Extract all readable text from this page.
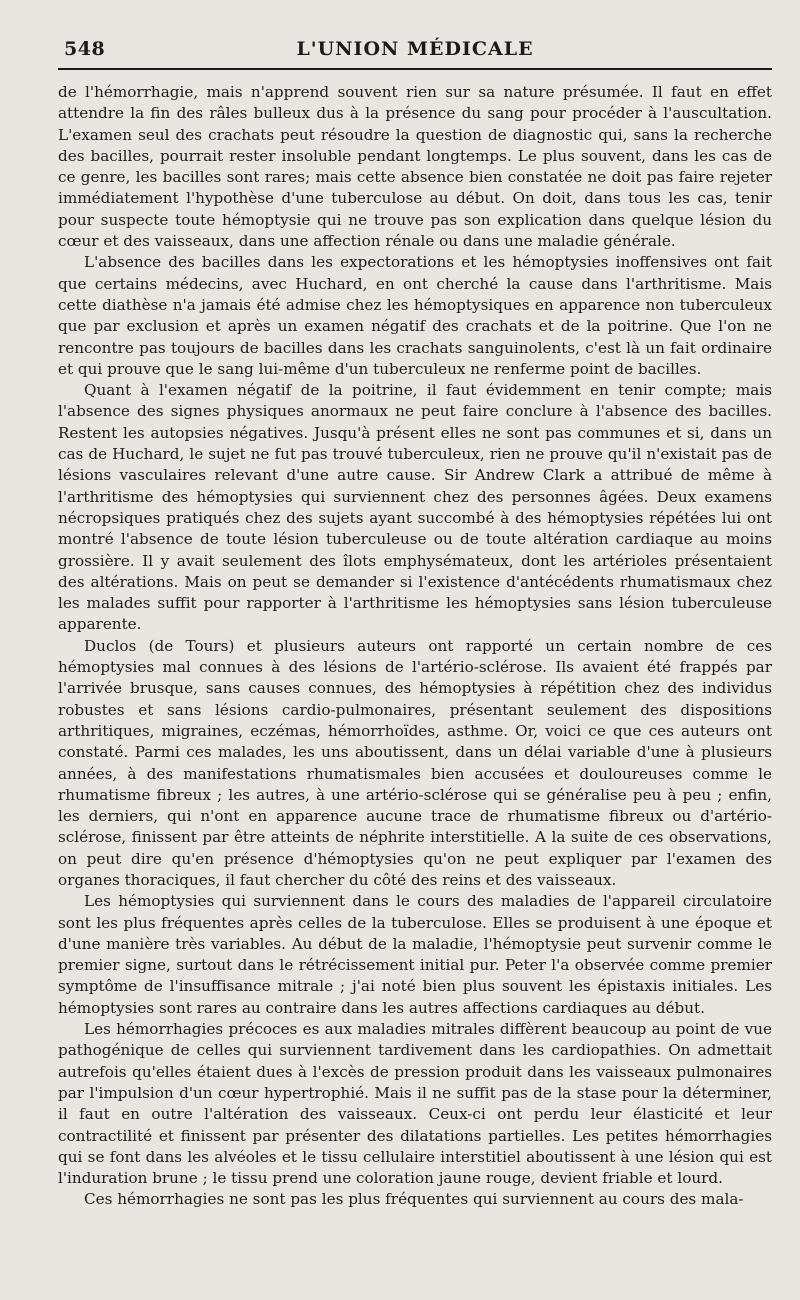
548	L'UNION MÉDICALE

de l'hémorrhagie, mais n'apprend souvent rien sur sa nature présumée. Il faut en effet attendre la fin des râles bulleux dus à la présence du sang pour procéder à l'auscultation. L'examen seul des crachats peut résoudre la question de diagnostic qui, sans la recherche des bacilles, pourrait rester insoluble pendant longtemps. Le plus souvent, dans les cas de ce genre, les bacilles sont rares; mais cette absence bien constatée ne doit pas faire rejeter immédiatement l'hypothèse d'une tuberculose au début. On doit, dans tous les cas, tenir pour suspecte toute hémoptysie qui ne trouve pas son explication dans quelque lésion du cœur et des vaisseaux, dans une affection rénale ou dans une maladie générale.

L'absence des bacilles dans les expectorations et les hémoptysies inoffensives ont fait que certains médecins, avec Huchard, en ont cherché la cause dans l'arthritisme. Mais cette diathèse n'a jamais été admise chez les hémoptysiques en apparence non tuberculeux que par exclusion et après un examen négatif des crachats et de la poitrine. Que l'on ne rencontre pas toujours de bacilles dans les crachats sanguinolents, c'est là un fait ordinaire et qui prouve que le sang lui-même d'un tuberculeux ne renferme point de bacilles.

Quant à l'examen négatif de la poitrine, il faut évidemment en tenir compte; mais l'absence des signes physiques anormaux ne peut faire conclure à l'absence des bacilles. Restent les autopsies négatives. Jusqu'à présent elles ne sont pas communes et si, dans un cas de Huchard, le sujet ne fut pas trouvé tuberculeux, rien ne prouve qu'il n'existait pas de lésions vasculaires relevant d'une autre cause. Sir Andrew Clark a attribué de même à l'arthritisme des hémoptysies qui surviennent chez des personnes âgées. Deux examens nécropsiques pratiqués chez des sujets ayant succombé à des hémoptysies répétées lui ont montré l'absence de toute lésion tuberculeuse ou de toute altération cardiaque au moins grossière. Il y avait seulement des îlots emphysémateux, dont les artérioles présentaient des altérations. Mais on peut se demander si l'existence d'antécédents rhumatismaux chez les malades suffit pour rapporter à l'arthritisme les hémoptysies sans lésion tuberculeuse apparente.

Duclos (de Tours) et plusieurs auteurs ont rapporté un certain nombre de ces hémoptysies mal connues à des lésions de l'artério-sclérose. Ils avaient été frappés par l'arrivée brusque, sans causes connues, des hémoptysies à répétition chez des individus robustes et sans lésions cardio-pulmonaires, présentant seulement des dispositions arthritiques, migraines, eczémas, hémorrhoïdes, asthme. Or, voici ce que ces auteurs ont constaté. Parmi ces malades, les uns aboutissent, dans un délai variable d'une à plusieurs années, à des manifestations rhumatismales bien accusées et douloureuses comme le rhumatisme fibreux ; les autres, à une artério-sclérose qui se généralise peu à peu ; enfin, les derniers, qui n'ont en apparence aucune trace de rhumatisme fibreux ou d'artério-sclérose, finissent par être atteints de néphrite interstitielle. A la suite de ces observations, on peut dire qu'en présence d'hémoptysies qu'on ne peut expliquer par l'examen des organes thoraciques, il faut chercher du côté des reins et des vaisseaux.

Les hémoptysies qui surviennent dans le cours des maladies de l'appareil circulatoire sont les plus fréquentes après celles de la tuberculose. Elles se produisent à une époque et d'une manière très variables. Au début de la maladie, l'hémoptysie peut survenir comme le premier signe, surtout dans le rétrécissement initial pur. Peter l'a observée comme premier symptôme de l'insuffisance mitrale ; j'ai noté bien plus souvent les épistaxis initiales. Les hémoptysies sont rares au contraire dans les autres affections cardiaques au début.

Les hémorrhagies précoces es aux maladies mitrales diffèrent beaucoup au point de vue pathogénique de celles qui surviennent tardivement dans les cardiopathies. On admettait autrefois qu'elles étaient dues à l'excès de pression produit dans les vaisseaux pulmonaires par l'impulsion d'un cœur hypertrophié. Mais il ne suffit pas de la stase pour la déterminer, il faut en outre l'altération des vaisseaux. Ceux-ci ont perdu leur élasticité et leur contractilité et finissent par présenter des dilatations partielles. Les petites hémorrhagies qui se font dans les alvéoles et le tissu cellulaire interstitiel aboutissent à une lésion qui est l'induration brune ; le tissu prend une coloration jaune rouge, devient friable et lourd.

Ces hémorrhagies ne sont pas les plus fréquentes qui surviennent au cours des mala-
